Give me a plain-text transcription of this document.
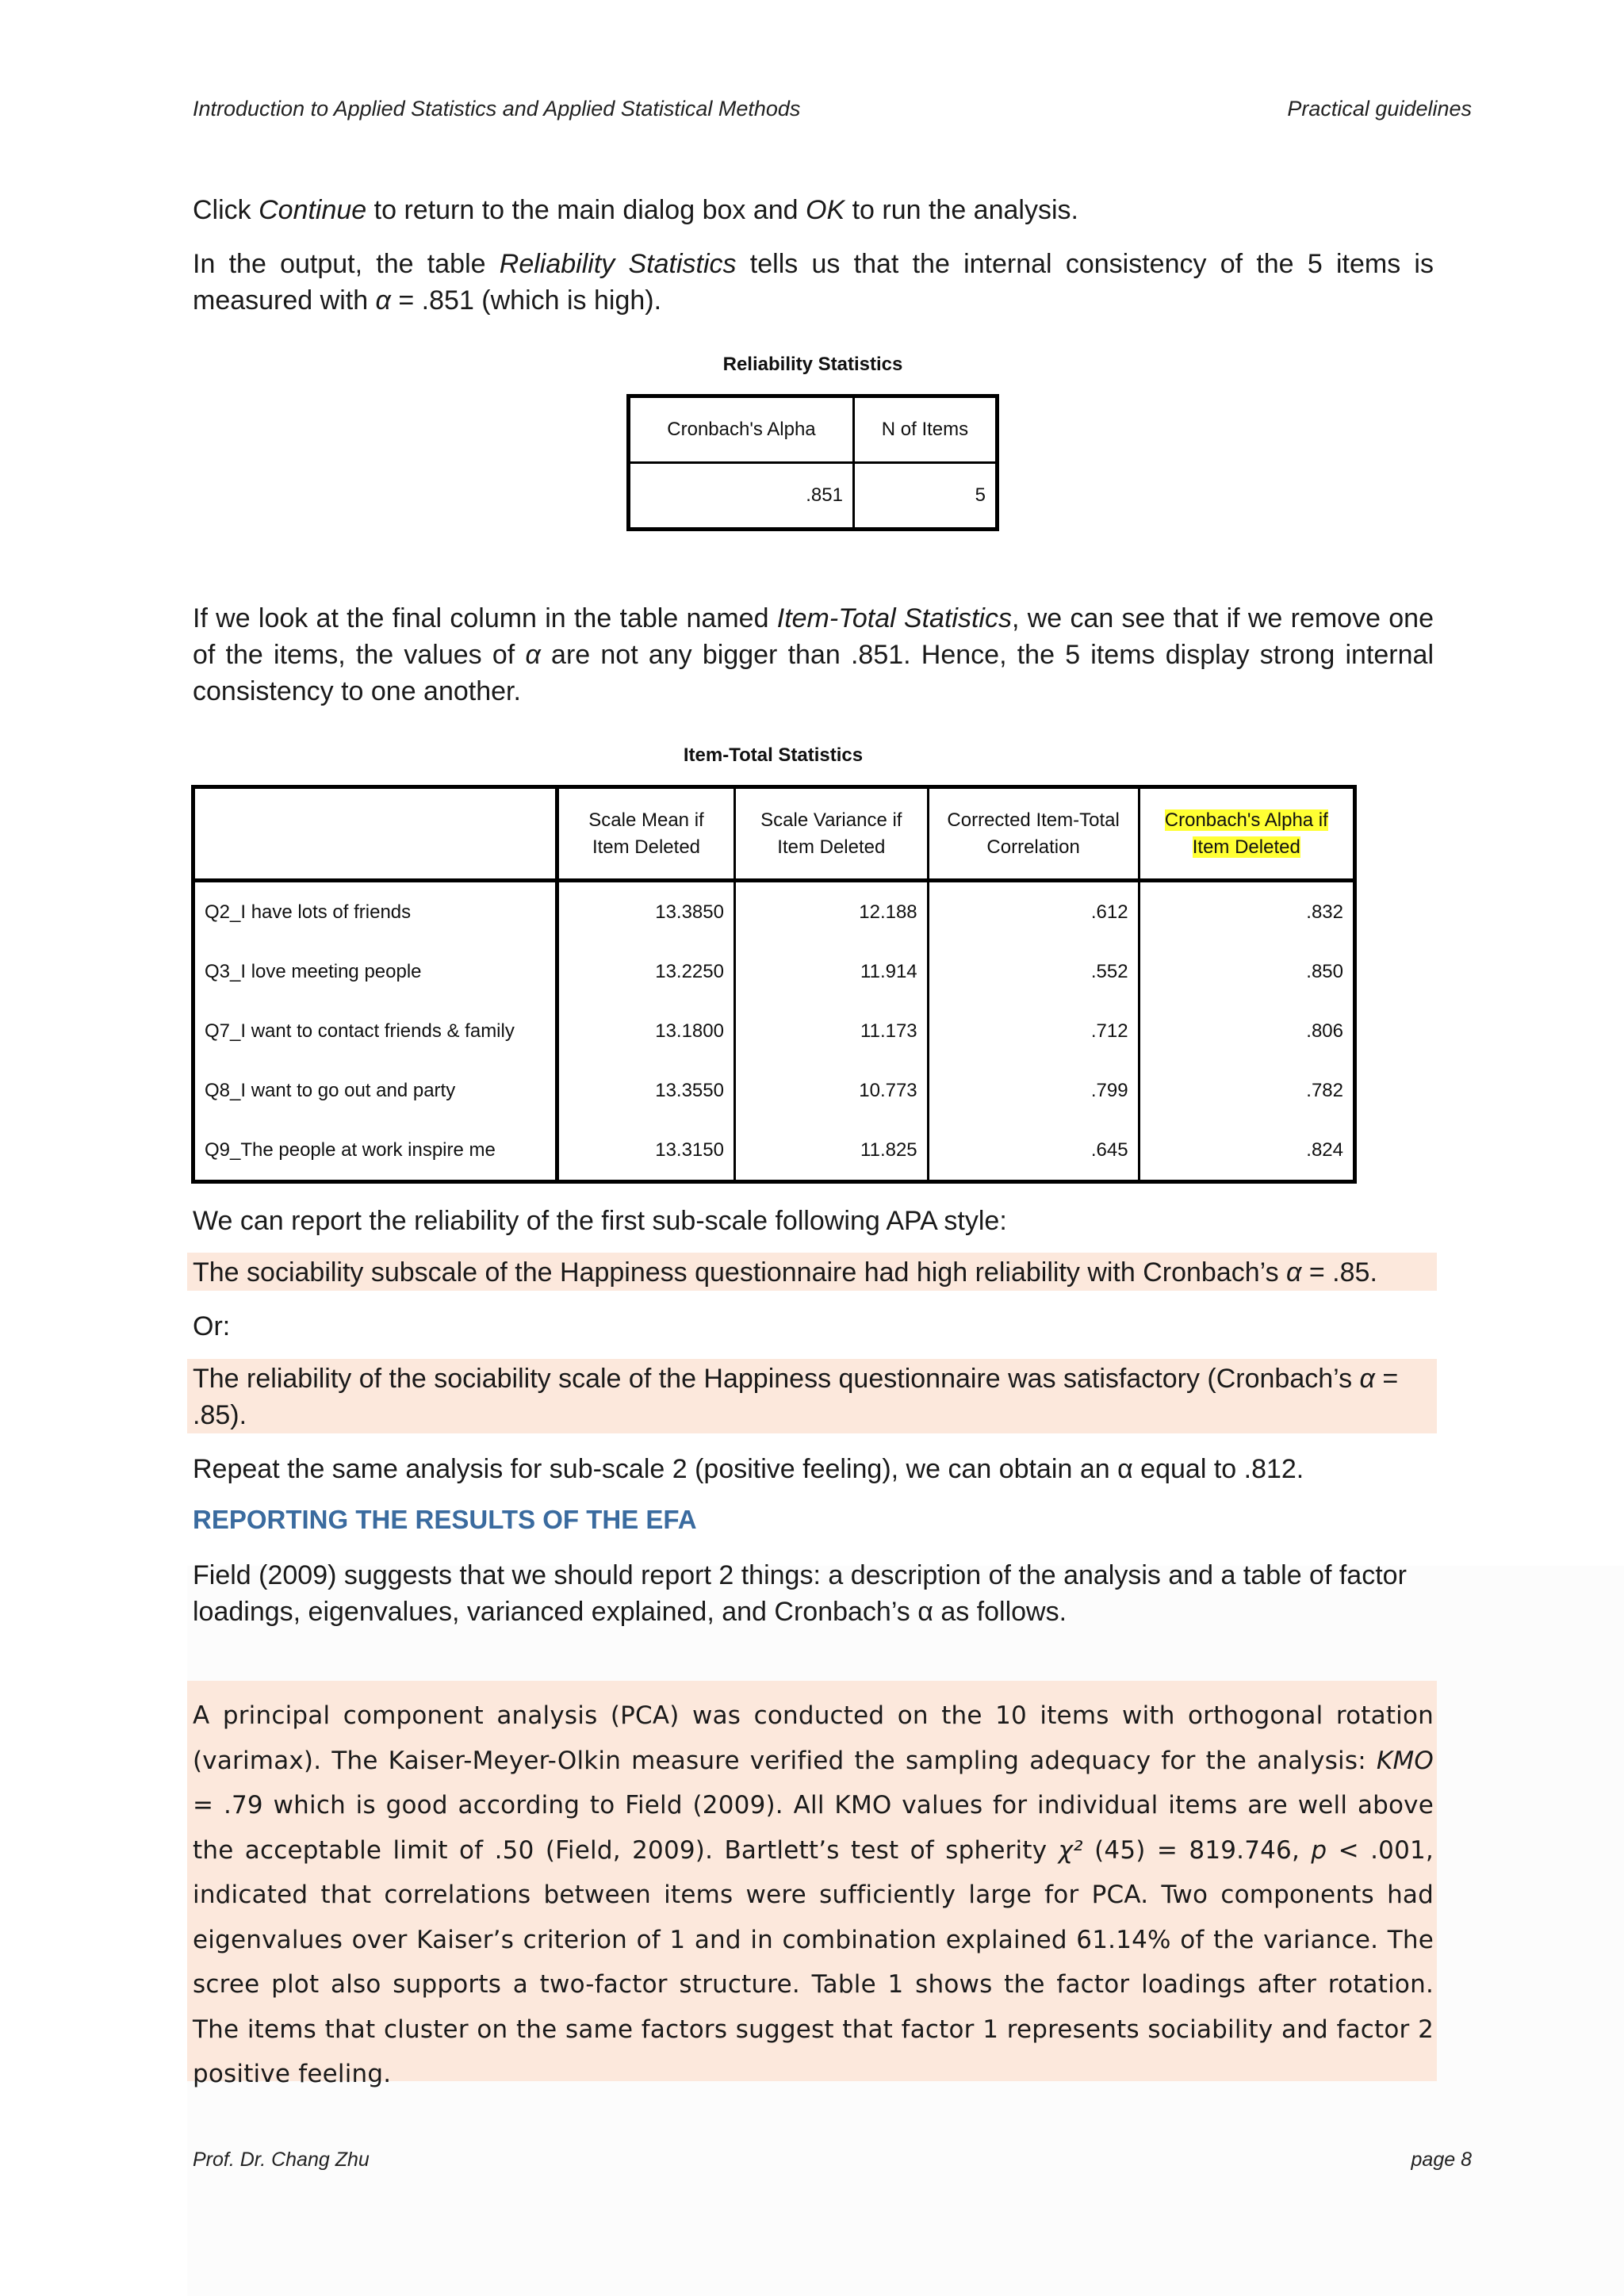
Introduction to Applied Statistics and Applied Statistical Methods	Practical guidelines
Click Continue to return to the main dialog box and OK to run the analysis.
In the output, the table Reliability Statistics tells us that the internal consistency of the 5 items is measured with α = .851 (which is high).
Reliability Statistics
Cronbach's Alpha	N of Items
.851	5
If we look at the final column in the table named Item-Total Statistics, we can see that if we remove one of the items, the values of α are not any bigger than .851. Hence, the 5 items display strong internal consistency to one another.
Item-Total Statistics
	Scale Mean if Item Deleted	Scale Variance if Item Deleted	Corrected Item-Total Correlation	Cronbach's Alpha if Item Deleted
Q2_I have lots of friends	13.3850	12.188	.612	.832
Q3_I love meeting people	13.2250	11.914	.552	.850
Q7_I want to contact friends & family	13.1800	11.173	.712	.806
Q8_I want to go out and party	13.3550	10.773	.799	.782
Q9_The people at work inspire me	13.3150	11.825	.645	.824
We can report the reliability of the first sub-scale following APA style:
The sociability subscale of the Happiness questionnaire had high reliability with Cronbach’s α = .85.
Or:
The reliability of the sociability scale of the Happiness questionnaire was satisfactory (Cronbach’s α = .85).
Repeat the same analysis for sub-scale 2 (positive feeling), we can obtain an α equal to .812.
REPORTING THE RESULTS OF THE EFA
Field (2009) suggests that we should report 2 things: a description of the analysis and a table of factor loadings, eigenvalues, varianced explained, and Cronbach’s α as follows.
A principal component analysis (PCA) was conducted on the 10 items with orthogonal rotation (varimax). The Kaiser-Meyer-Olkin measure verified the sampling adequacy for the analysis: KMO = .79 which is good according to Field (2009). All KMO values for individual items are well above the acceptable limit of .50 (Field, 2009). Bartlett’s test of spherity χ² (45) = 819.746, p < .001, indicated that correlations between items were sufficiently large for PCA. Two components had eigenvalues over Kaiser’s criterion of 1 and in combination explained 61.14% of the variance. The scree plot also supports a two-factor structure. Table 1 shows the factor loadings after rotation. The items that cluster on the same factors suggest that factor 1 represents sociability and factor 2 positive feeling.
Prof. Dr. Chang Zhu	page 8
